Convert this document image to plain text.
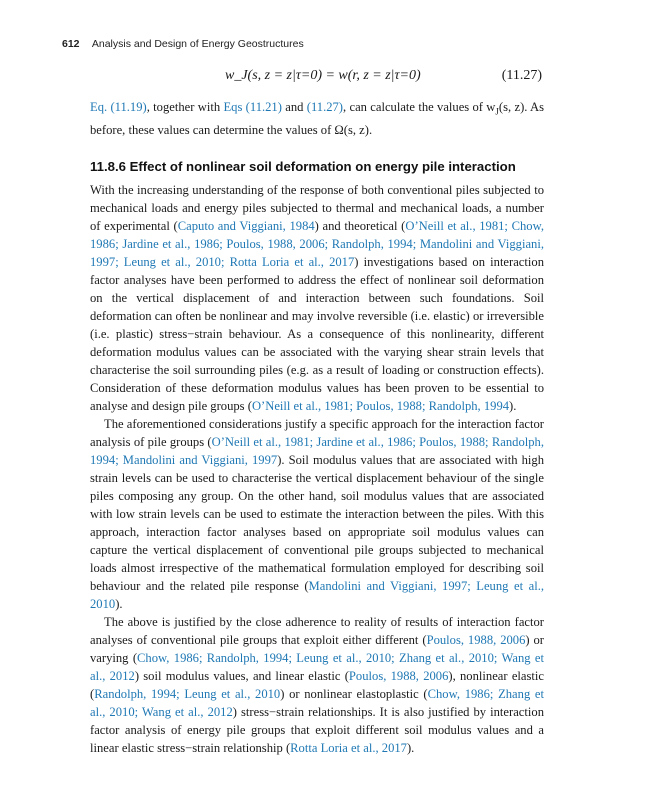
612 Analysis and Design of Energy Geostructures
w_J(s, z = z|τ=0) = w(r, z = z|τ=0)	(11.27)

Eq. (11.19), together with Eqs (11.21) and (11.27), can calculate the values of $w_J(s$, z). As before, these values can determine the values of Ω(s, z).

11.8.6 Effect of nonlinear soil deformation on energy pile interaction

With the increasing understanding of the response of both conventional piles subjected to mechanical loads and energy piles subjected to thermal and mechanical loads, a number of experimental (Caputo and Viggiani, 1984) and theoretical (O’Neill et al., 1981; Chow, 1986; Jardine et al., 1986; Poulos, 1988, 2006; Randolph, 1994; Mandolini and Viggiani, 1997; Leung et al., 2010; Rotta Loria et al., 2017) investigations based on interaction factor analyses have been performed to address the effect of nonlinear soil deformation on the vertical displacement of and interaction between such foundations. Soil deformation can often be nonlinear and may involve reversible (i.e. elastic) or irreversible (i.e. plastic) stress−strain behaviour. As a consequence of this nonlinearity, different deformation modulus values can be associated with the varying shear strain levels that characterise the soil surrounding piles (e.g. as a result of loading or construction effects). Consideration of these deformation modulus values has been proven to be essential to analyse and design pile groups (O’Neill et al., 1981; Poulos, 1988; Randolph, 1994).

The aforementioned considerations justify a specific approach for the interaction factor analysis of pile groups (O’Neill et al., 1981; Jardine et al., 1986; Poulos, 1988; Randolph, 1994; Mandolini and Viggiani, 1997). Soil modulus values that are associated with high strain levels can be used to characterise the vertical displacement behaviour of the single piles composing any group. On the other hand, soil modulus values that are associated with low strain levels can be used to estimate the interaction between the piles. With this approach, interaction factor analyses based on appropriate soil modulus values can capture the vertical displacement of conventional pile groups subjected to mechanical loads almost irrespective of the mathematical formulation employed for describing soil behaviour and the related pile response (Mandolini and Viggiani, 1997; Leung et al., 2010).

The above is justified by the close adherence to reality of results of interaction factor analyses of conventional pile groups that exploit either different (Poulos, 1988, 2006) or varying (Chow, 1986; Randolph, 1994; Leung et al., 2010; Zhang et al., 2010; Wang et al., 2012) soil modulus values, and linear elastic (Poulos, 1988, 2006), nonlinear elastic (Randolph, 1994; Leung et al., 2010) or nonlinear elastoplastic (Chow, 1986; Zhang et al., 2010; Wang et al., 2012) stress−strain relationships. It is also justified by interaction factor analysis of energy pile groups that exploit different soil modulus values and a linear elastic stress−strain relationship (Rotta Loria et al., 2017).
